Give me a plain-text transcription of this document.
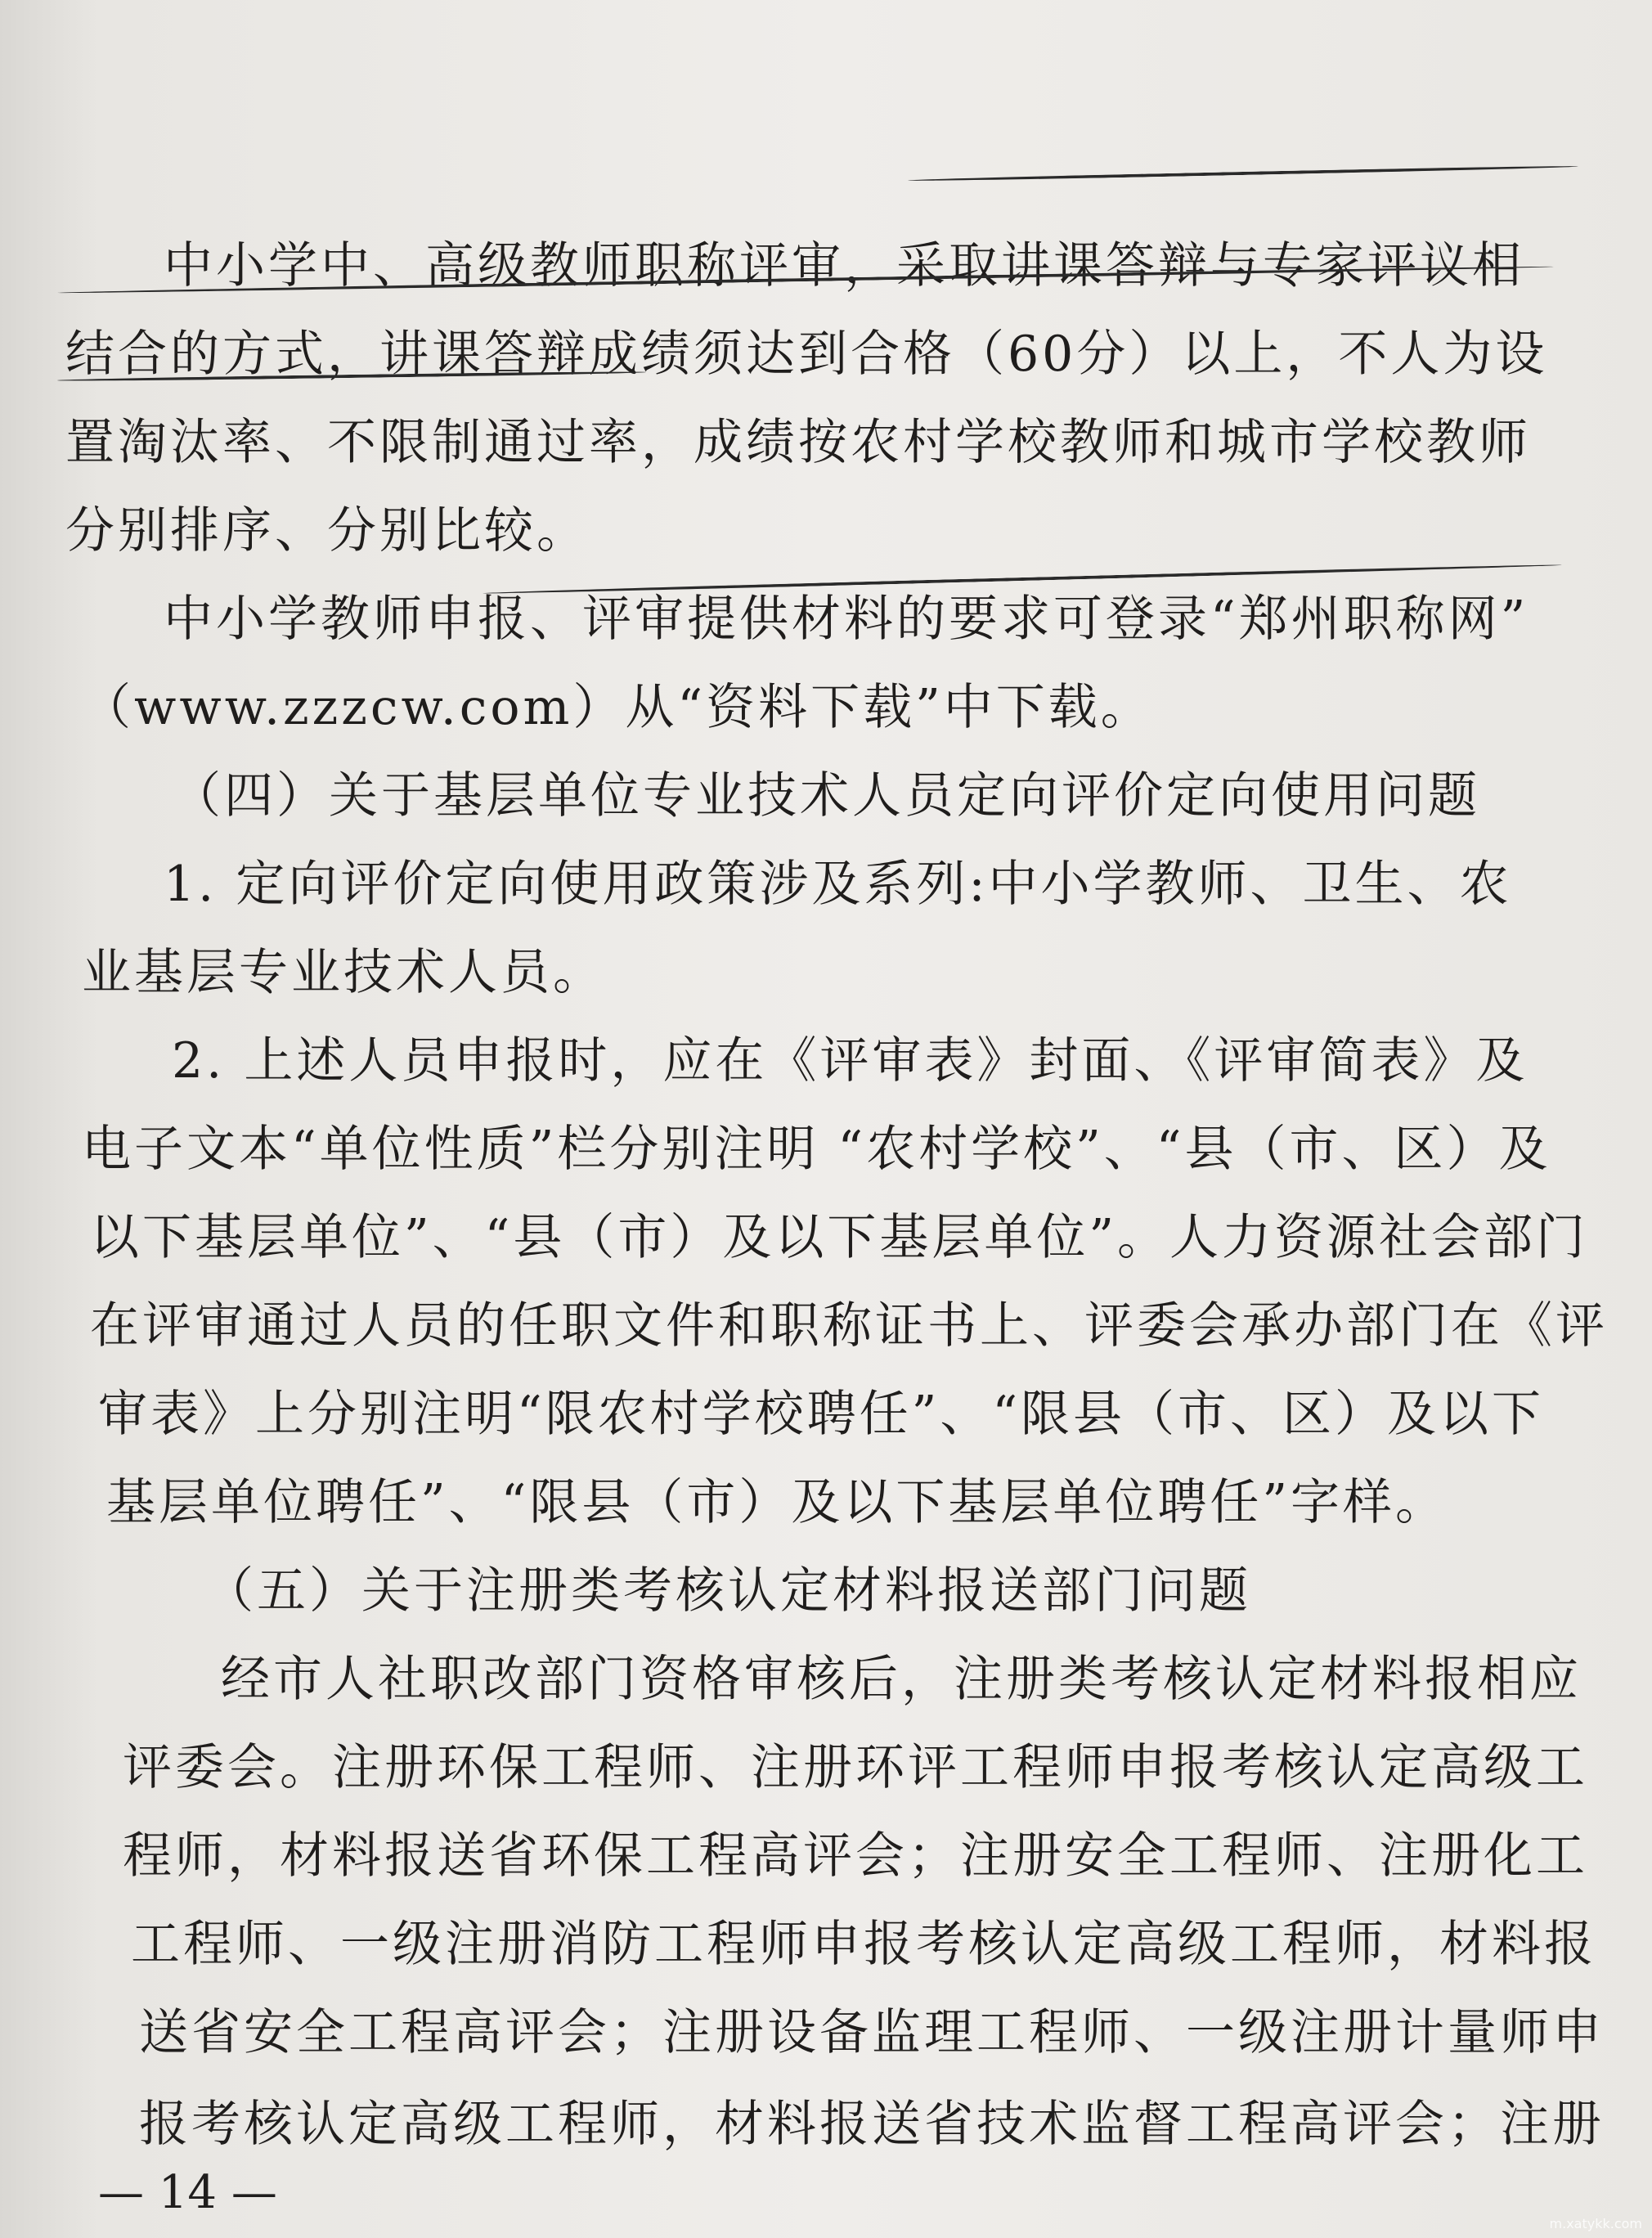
中小学中、高级教师职称评审，采取讲课答辩与专家评议相
结合的方式，讲课答辩成绩须达到合格（60分）以上，不人为设
置淘汰率、不限制通过率，成绩按农村学校教师和城市学校教师
分别排序、分别比较。
中小学教师申报、评审提供材料的要求可登录“郑州职称网”
（www.zzzcw.com）从“资料下载”中下载。
（四）关于基层单位专业技术人员定向评价定向使用问题
1. 定向评价定向使用政策涉及系列:中小学教师、卫生、农
业基层专业技术人员。
2. 上述人员申报时，应在《评审表》封面、《评审简表》及
电子文本“单位性质”栏分别注明 “农村学校”、“县（市、区）及
以下基层单位”、“县（市）及以下基层单位”。人力资源社会部门
在评审通过人员的任职文件和职称证书上、评委会承办部门在《评
审表》上分别注明“限农村学校聘任”、“限县（市、区）及以下
基层单位聘任”、“限县（市）及以下基层单位聘任”字样。
（五）关于注册类考核认定材料报送部门问题
经市人社职改部门资格审核后，注册类考核认定材料报相应
评委会。注册环保工程师、注册环评工程师申报考核认定高级工
程师，材料报送省环保工程高评会；注册安全工程师、注册化工
工程师、一级注册消防工程师申报考核认定高级工程师，材料报
送省安全工程高评会；注册设备监理工程师、一级注册计量师申
报考核认定高级工程师，材料报送省技术监督工程高评会；注册
— 14 —
m.xatykk.com
